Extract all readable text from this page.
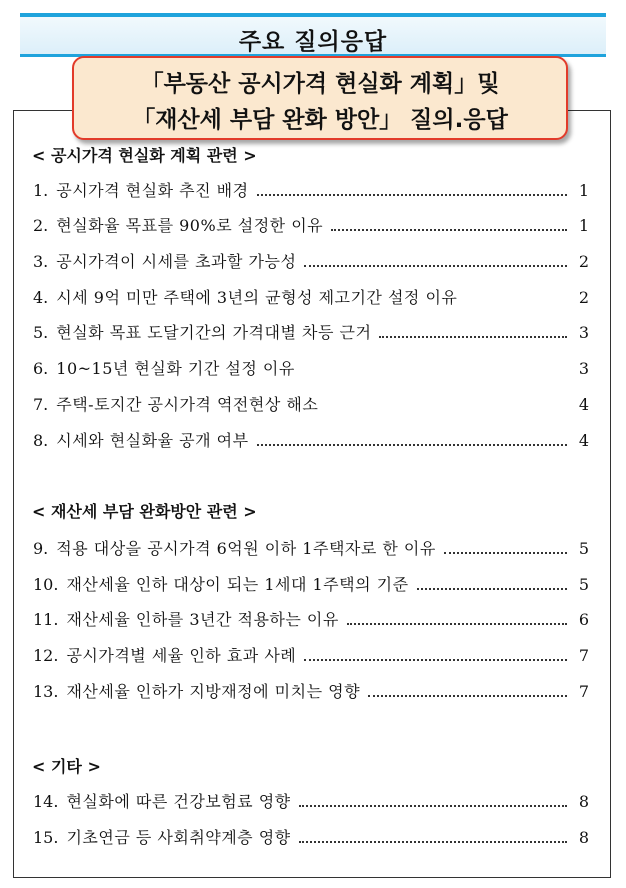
주요 질의응답
「부동산 공시가격 현실화 계획」및
「재산세 부담 완화 방안」 질의.응답
< 공시가격 현실화 계획 관련 >
1. 공시가격 현실화 추진 배경	1
2. 현실화율 목표를 90%로 설정한 이유	1
3. 공시가격이 시세를 초과할 가능성	2
4. 시세 9억 미만 주택에 3년의 균형성 제고기간 설정 이유	2
5. 현실화 목표 도달기간의 가격대별 차등 근거	3
6. 10~15년 현실화 기간 설정 이유	3
7. 주택-토지간 공시가격 역전현상 해소	4
8. 시세와 현실화율 공개 여부	4
< 재산세 부담 완화방안 관련 >
9. 적용 대상을 공시가격 6억원 이하 1주택자로 한 이유	5
10. 재산세율 인하 대상이 되는 1세대 1주택의 기준	5
11. 재산세율 인하를 3년간 적용하는 이유	6
12. 공시가격별 세율 인하 효과 사례	7
13. 재산세율 인하가 지방재정에 미치는 영향	7
< 기타 >
14. 현실화에 따른 건강보험료 영향	8
15. 기초연금 등 사회취약계층 영향	8
